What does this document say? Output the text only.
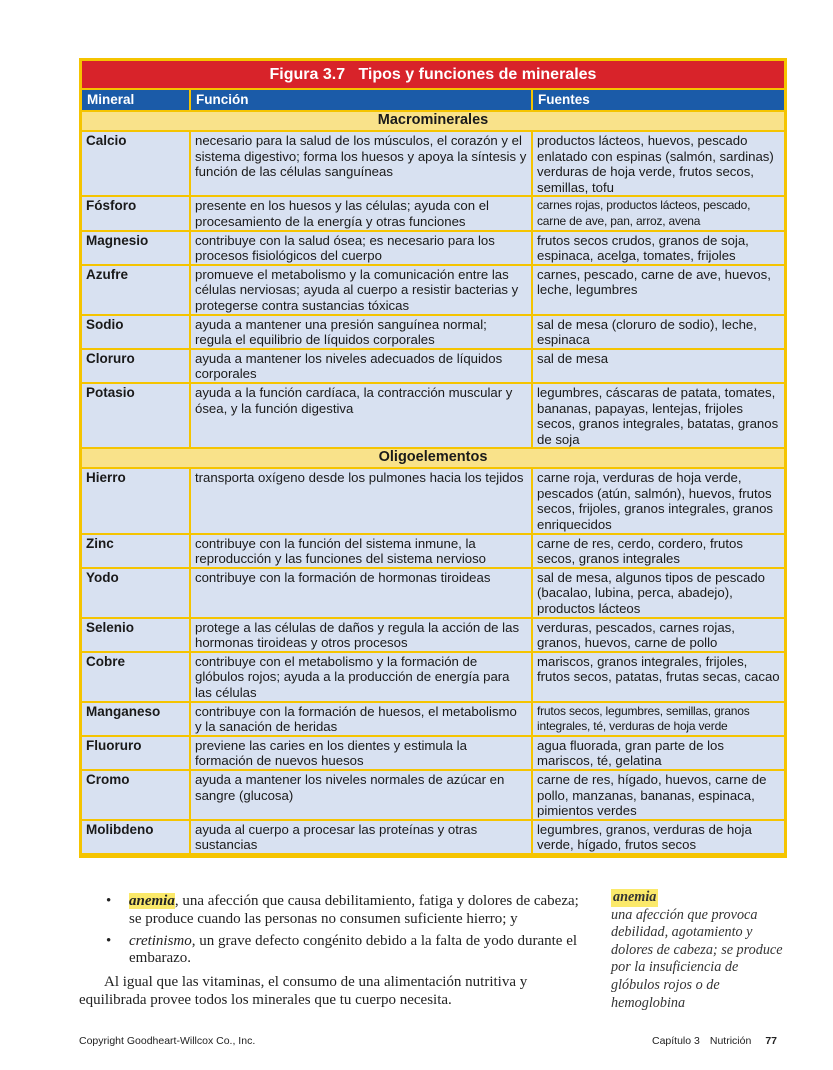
Figura 3.7   Tipos y funciones de minerales		
Mineral	Función	Fuentes
Macrominerales		
Calcio	necesario para la salud de los músculos, el corazón y el sistema digestivo; forma los huesos y apoya la síntesis y función de las células sanguíneas	productos lácteos, huevos, pescado enlatado con espinas (salmón, sardinas) verduras de hoja verde, frutos secos, semillas, tofu
Fósforo	presente en los huesos y las células; ayuda con el procesamiento de la energía y otras funciones	carnes rojas, productos lácteos, pescado, carne de ave, pan, arroz, avena
Magnesio	contribuye con la salud ósea; es necesario para los procesos fisiológicos del cuerpo	frutos secos crudos, granos de soja, espinaca, acelga, tomates, frijoles
Azufre	promueve el metabolismo y la comunicación entre las células nerviosas; ayuda al cuerpo a resistir bacterias y protegerse contra sustancias tóxicas	carnes, pescado, carne de ave, huevos, leche, legumbres
Sodio	ayuda a mantener una presión sanguínea normal; regula el equilibrio de líquidos corporales	sal de mesa (cloruro de sodio), leche, espinaca
Cloruro	ayuda a mantener los niveles adecuados de líquidos corporales	sal de mesa
Potasio	ayuda a la función cardíaca, la contracción muscular y ósea, y la función digestiva	legumbres, cáscaras de patata, tomates, bananas, papayas, lentejas, frijoles secos, granos integrales, batatas, granos de soja
Oligoelementos		
Hierro	transporta oxígeno desde los pulmones hacia los tejidos	carne roja, verduras de hoja verde, pescados (atún, salmón), huevos, frutos secos, frijoles, granos integrales, granos enriquecidos
Zinc	contribuye con la función del sistema inmune, la reproducción y las funciones del sistema nervioso	carne de res, cerdo, cordero, frutos secos, granos integrales
Yodo	contribuye con la formación de hormonas tiroideas	sal de mesa, algunos tipos de pescado (bacalao, lubina, perca, abadejo), productos lácteos
Selenio	protege a las células de daños y regula la acción de las hormonas tiroideas y otros procesos	verduras, pescados, carnes rojas, granos, huevos, carne de pollo
Cobre	contribuye con el metabolismo y la formación de glóbulos rojos; ayuda a la producción de energía para las células	mariscos, granos integrales, frijoles, frutos secos, patatas, frutas secas, cacao
Manganeso	contribuye con la formación de huesos, el metabolismo y la sanación de heridas	frutos secos, legumbres, semillas, granos integrales, té, verduras de hoja verde
Fluoruro	previene las caries en los dientes y estimula la formación de nuevos huesos	agua fluorada, gran parte de los mariscos, té, gelatina
Cromo	ayuda a mantener los niveles normales de azúcar en sangre (glucosa)	carne de res, hígado, huevos, carne de pollo, manzanas, bananas, espinaca, pimientos verdes
Molibdeno	ayuda al cuerpo a procesar las proteínas y otras sustancias	legumbres, granos, verduras de hoja verde, hígado, frutos secos
• anemia, una afección que causa debilitamiento, fatiga y dolores de cabeza; se produce cuando las personas no consumen suficiente hierro; y
• cretinismo, un grave defecto congénito debido a la falta de yodo durante el embarazo.
Al igual que las vitaminas, el consumo de una alimentación nutritiva y equilibrada provee todos los minerales que tu cuerpo necesita.
anemia
una afección que provoca debilidad, agotamiento y dolores de cabeza; se produce por la insuficiencia de glóbulos rojos o de hemoglobina
Copyright Goodheart-Willcox Co., Inc.	Capítulo 3 Nutrición 77
